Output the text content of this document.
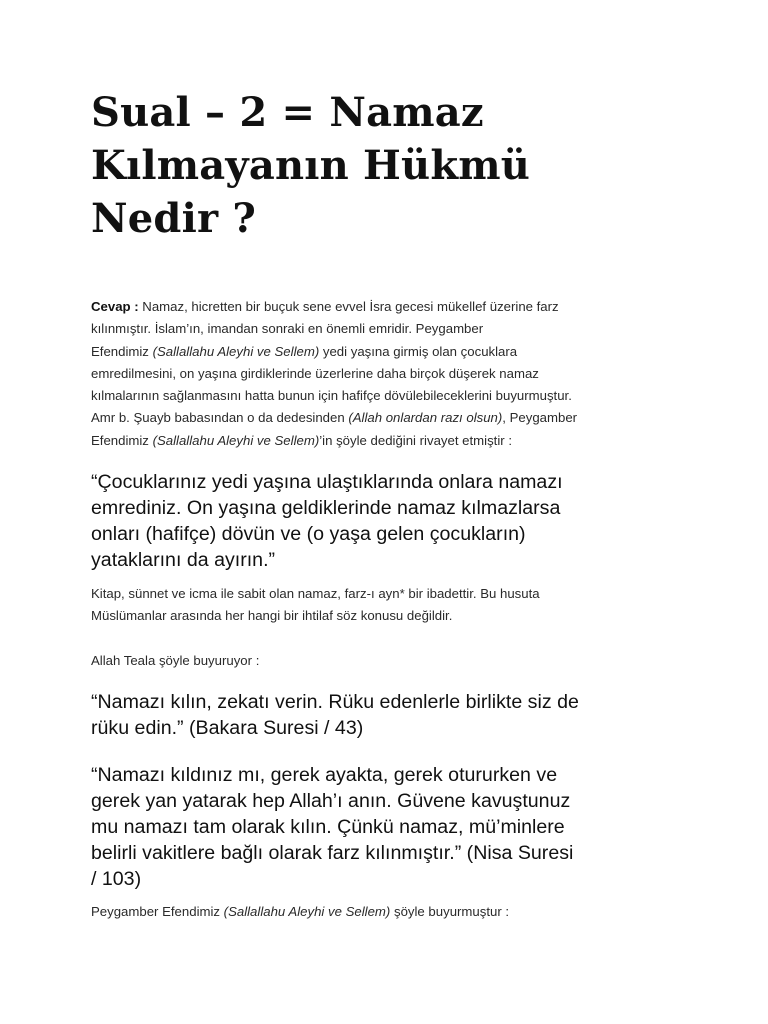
Sual – 2 = Namaz
Kılmayanın Hükmü
Nedir ?

Cevap : Namaz, hicretten bir buçuk sene evvel İsra gecesi mükellef üzerine farz
kılınmıştır. İslam’ın, imandan sonraki en önemli emridir. Peygamber
Efendimiz (Sallallahu Aleyhi ve Sellem) yedi yaşına girmiş olan çocuklara
emredilmesini, on yaşına girdiklerinde üzerlerine daha birçok düşerek namaz
kılmalarının sağlanmasını hatta bunun için hafifçe dövülebileceklerini buyurmuştur.
Amr b. Şuayb babasından o da dedesinden (Allah onlardan razı olsun), Peygamber
Efendimiz (Sallallahu Aleyhi ve Sellem)’in şöyle dediğini rivayet etmiştir :

“Çocuklarınız yedi yaşına ulaştıklarında onlara namazı
emrediniz. On yaşına geldiklerinde namaz kılmazlarsa
onları (hafifçe) dövün ve (o yaşa gelen çocukların)
yataklarını da ayırın.”

Kitap, sünnet ve icma ile sabit olan namaz, farz-ı ayn* bir ibadettir. Bu husuta
Müslümanlar arasında her hangi bir ihtilaf söz konusu değildir.

Allah Teala şöyle buyuruyor :

“Namazı kılın, zekatı verin. Rüku edenlerle birlikte siz de
rüku edin.” (Bakara Suresi / 43)

“Namazı kıldınız mı, gerek ayakta, gerek otururken ve
gerek yan yatarak hep Allah’ı anın. Güvene kavuştunuz
mu namazı tam olarak kılın. Çünkü namaz, mü’minlere
belirli vakitlere bağlı olarak farz kılınmıştır.” (Nisa Suresi
/ 103)

Peygamber Efendimiz (Sallallahu Aleyhi ve Sellem) şöyle buyurmuştur :
